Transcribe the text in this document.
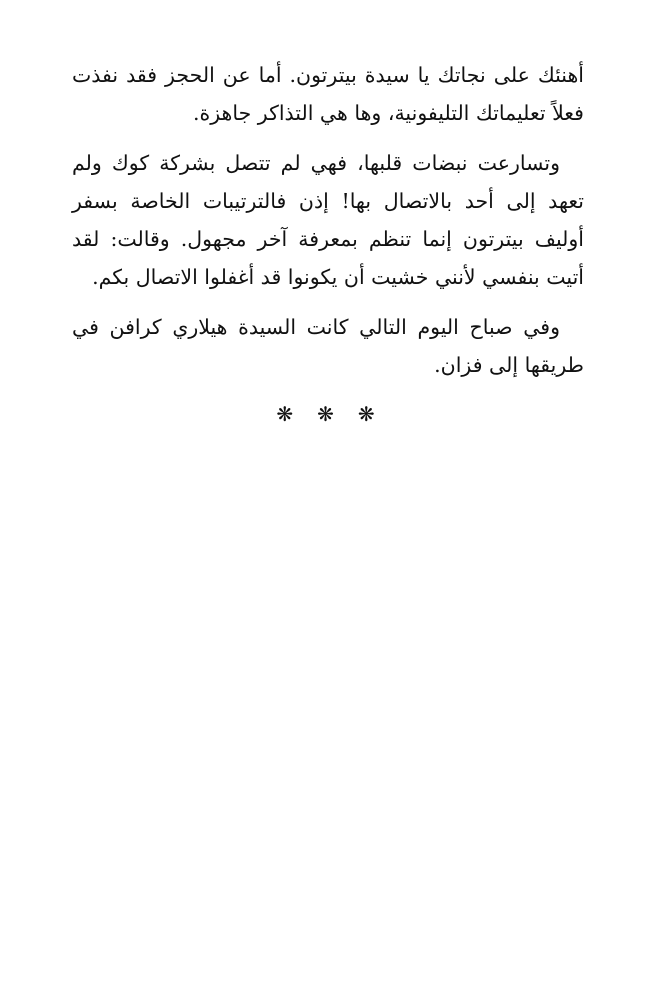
أهنئك على نجاتك يا سيدة بيترتون. أما عن الحجز فقد نفذت فعلاً تعليماتك التليفونية، وها هي التذاكر جاهزة.

وتسارعت نبضات قلبها، فهي لم تتصل بشركة كوك ولم تعهد إلى أحد بالاتصال بها! إذن فالترتيبات الخاصة بسفر أوليف بيترتون إنما تنظم بمعرفة آخر مجهول. وقالت: لقد أتيت بنفسي لأنني خشيت أن يكونوا قد أغفلوا الاتصال بكم.

وفي صباح اليوم التالي كانت السيدة هيلاري كرافن في طريقها إلى فزان.

❋❋❋
